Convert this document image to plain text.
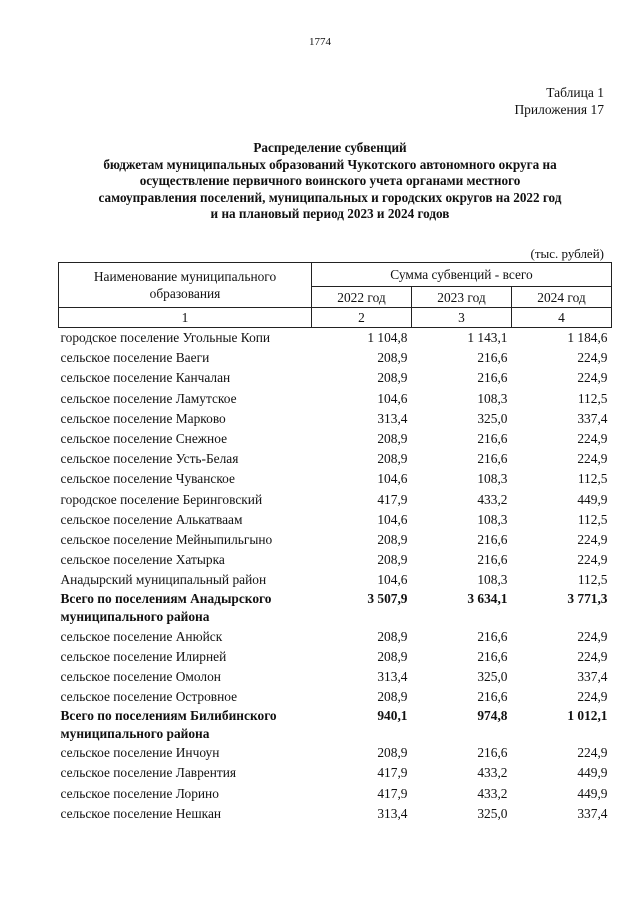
1774
Таблица 1
Приложения 17
Распределение субвенций
бюджетам муниципальных образований Чукотского автономного округа на
осуществление первичного воинского учета органами местного
самоуправления поселений, муниципальных и городских округов на 2022 год
и на плановый период 2023 и 2024 годов
(тыс. рублей)
Наименование муниципального образования	Сумма субвенций - всего		
	2022 год	2023 год	2024 год
1	2	3	4
городское поселение Угольные Копи	1 104,8	1 143,1	1 184,6
сельское поселение Ваеги	208,9	216,6	224,9
сельское поселение Канчалан	208,9	216,6	224,9
сельское поселение Ламутское	104,6	108,3	112,5
сельское поселение Марково	313,4	325,0	337,4
сельское поселение Снежное	208,9	216,6	224,9
сельское поселение Усть-Белая	208,9	216,6	224,9
сельское поселение Чуванское	104,6	108,3	112,5
городское поселение Беринговский	417,9	433,2	449,9
сельское поселение Алькатваам	104,6	108,3	112,5
сельское поселение Мейныпильгыно	208,9	216,6	224,9
сельское поселение Хатырка	208,9	216,6	224,9
Анадырский муниципальный район	104,6	108,3	112,5
Всего по поселениям Анадырского муниципального района	3 507,9	3 634,1	3 771,3
сельское поселение Анюйск	208,9	216,6	224,9
сельское поселение Илирней	208,9	216,6	224,9
сельское поселение Омолон	313,4	325,0	337,4
сельское поселение Островное	208,9	216,6	224,9
Всего по поселениям Билибинского муниципального района	940,1	974,8	1 012,1
сельское поселение Инчоун	208,9	216,6	224,9
сельское поселение Лаврентия	417,9	433,2	449,9
сельское поселение Лорино	417,9	433,2	449,9
сельское поселение Нешкан	313,4	325,0	337,4
